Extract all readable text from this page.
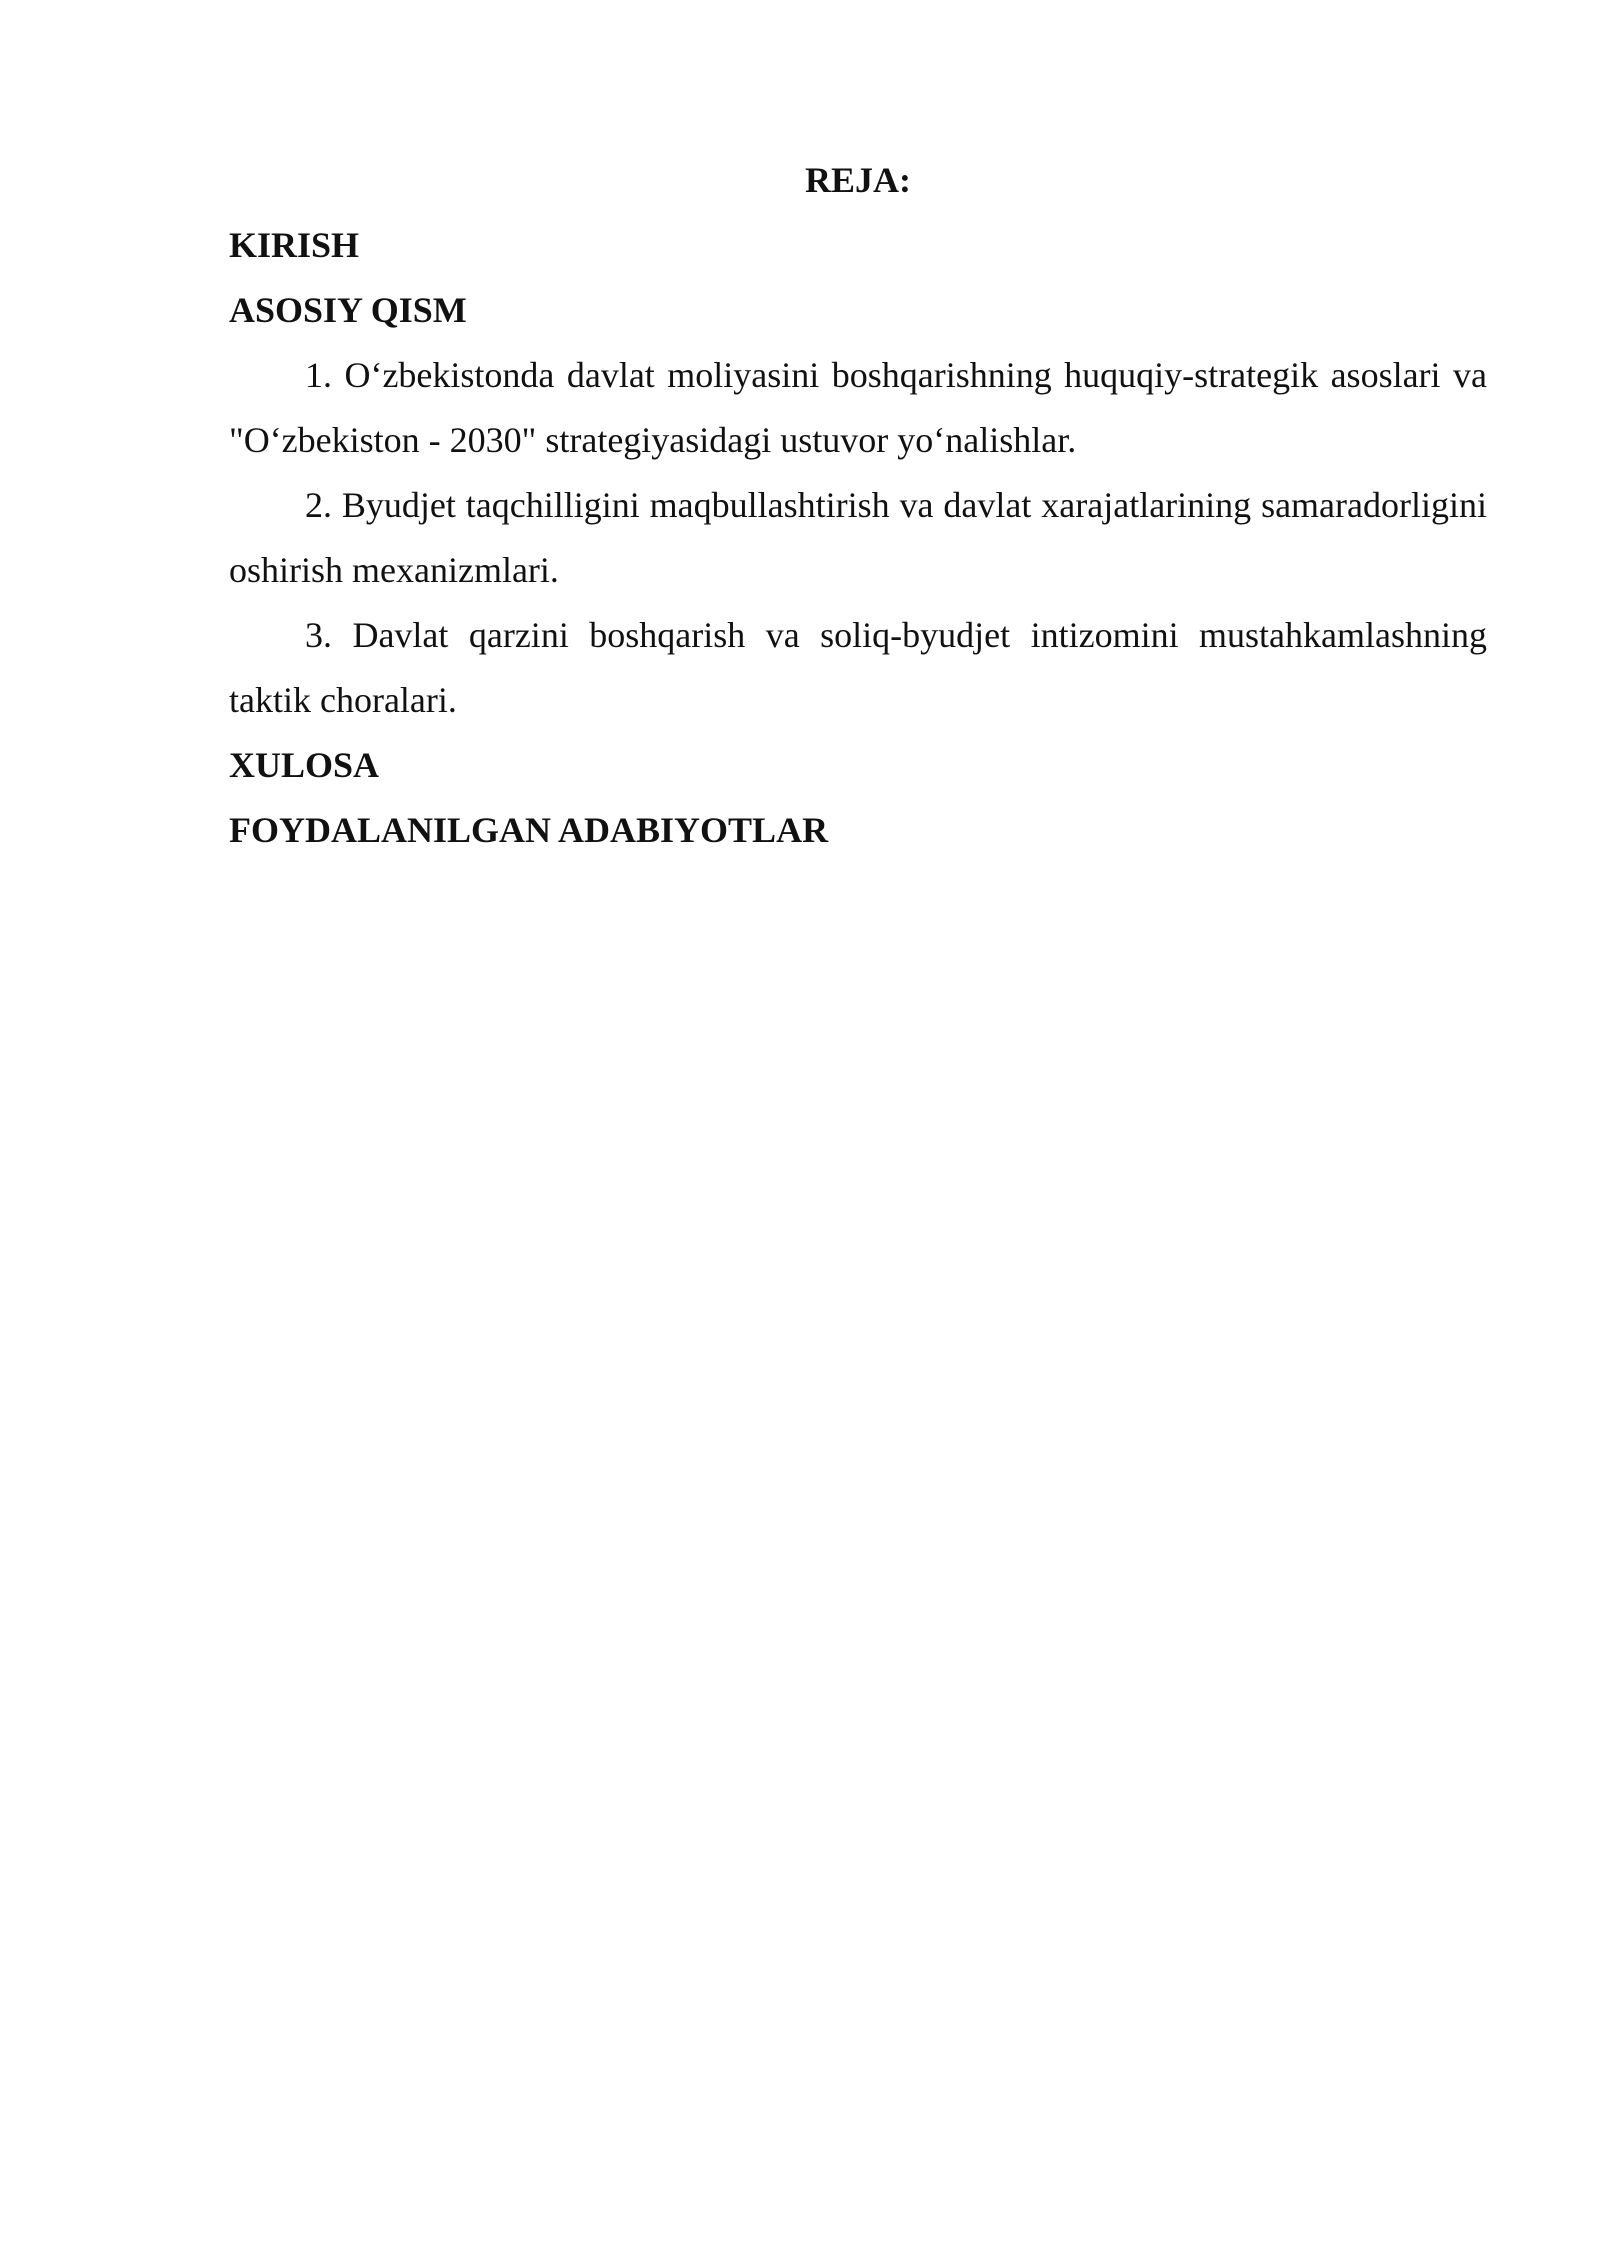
REJA:

KIRISH

ASOSIY QISM

1. O‘zbekistonda davlat moliyasini boshqarishning huquqiy-strategik asoslari va "O‘zbekiston - 2030" strategiyasidagi ustuvor yo‘nalishlar.

2. Byudjet taqchilligini maqbullashtirish va davlat xarajatlarining samaradorligini oshirish mexanizmlari.

3. Davlat qarzini boshqarish va soliq-byudjet intizomini mustahkamlashning taktik choralari.

XULOSA

FOYDALANILGAN ADABIYOTLAR
